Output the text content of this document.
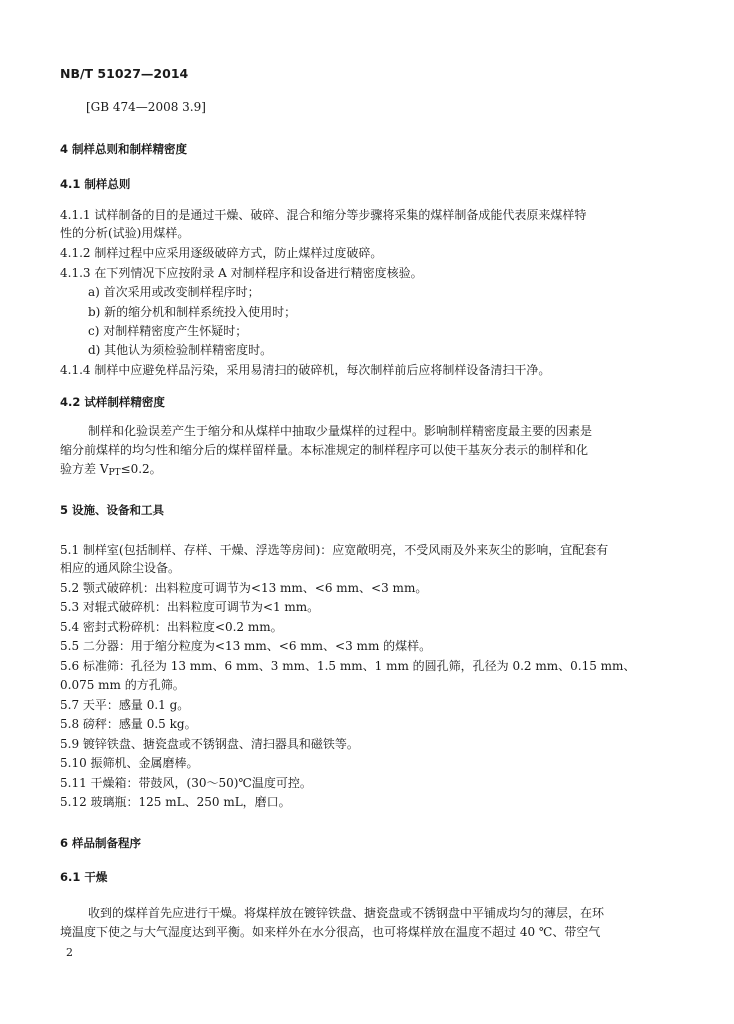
NB/T 51027—2014
[GB 474—2008 3.9]
4 制样总则和制样精密度
4.1 制样总则
4.1.1 试样制备的目的是通过干燥、破碎、混合和缩分等步骤将采集的煤样制备成能代表原来煤样特
性的分析(试验)用煤样。
4.1.2 制样过程中应采用逐级破碎方式，防止煤样过度破碎。
4.1.3 在下列情况下应按附录 A 对制样程序和设备进行精密度核验。
a) 首次采用或改变制样程序时；
b) 新的缩分机和制样系统投入使用时；
c) 对制样精密度产生怀疑时；
d) 其他认为须检验制样精密度时。
4.1.4 制样中应避免样品污染，采用易清扫的破碎机，每次制样前后应将制样设备清扫干净。
4.2 试样制样精密度
制样和化验误差产生于缩分和从煤样中抽取少量煤样的过程中。影响制样精密度最主要的因素是
缩分前煤样的均匀性和缩分后的煤样留样量。本标准规定的制样程序可以使干基灰分表示的制样和化
验方差 VPT≤0.2。
5 设施、设备和工具
5.1 制样室(包括制样、存样、干燥、浮选等房间)：应宽敞明亮，不受风雨及外来灰尘的影响，宜配套有
相应的通风除尘设备。
5.2 颚式破碎机：出料粒度可调节为<13 mm、<6 mm、<3 mm。
5.3 对辊式破碎机：出料粒度可调节为<1 mm。
5.4 密封式粉碎机：出料粒度<0.2 mm。
5.5 二分器：用于缩分粒度为<13 mm、<6 mm、<3 mm 的煤样。
5.6 标准筛：孔径为 13 mm、6 mm、3 mm、1.5 mm、1 mm 的圆孔筛，孔径为 0.2 mm、0.15 mm、
0.075 mm 的方孔筛。
5.7 天平：感量 0.1 g。
5.8 磅秤：感量 0.5 kg。
5.9 镀锌铁盘、搪瓷盘或不锈钢盘、清扫器具和磁铁等。
5.10 振筛机、金属磨棒。
5.11 干燥箱：带鼓风，(30～50)℃温度可控。
5.12 玻璃瓶：125 mL、250 mL，磨口。
6 样品制备程序
6.1 干燥
收到的煤样首先应进行干燥。将煤样放在镀锌铁盘、搪瓷盘或不锈钢盘中平铺成均匀的薄层，在环
境温度下使之与大气湿度达到平衡。如来样外在水分很高，也可将煤样放在温度不超过 40 ℃、带空气
2
